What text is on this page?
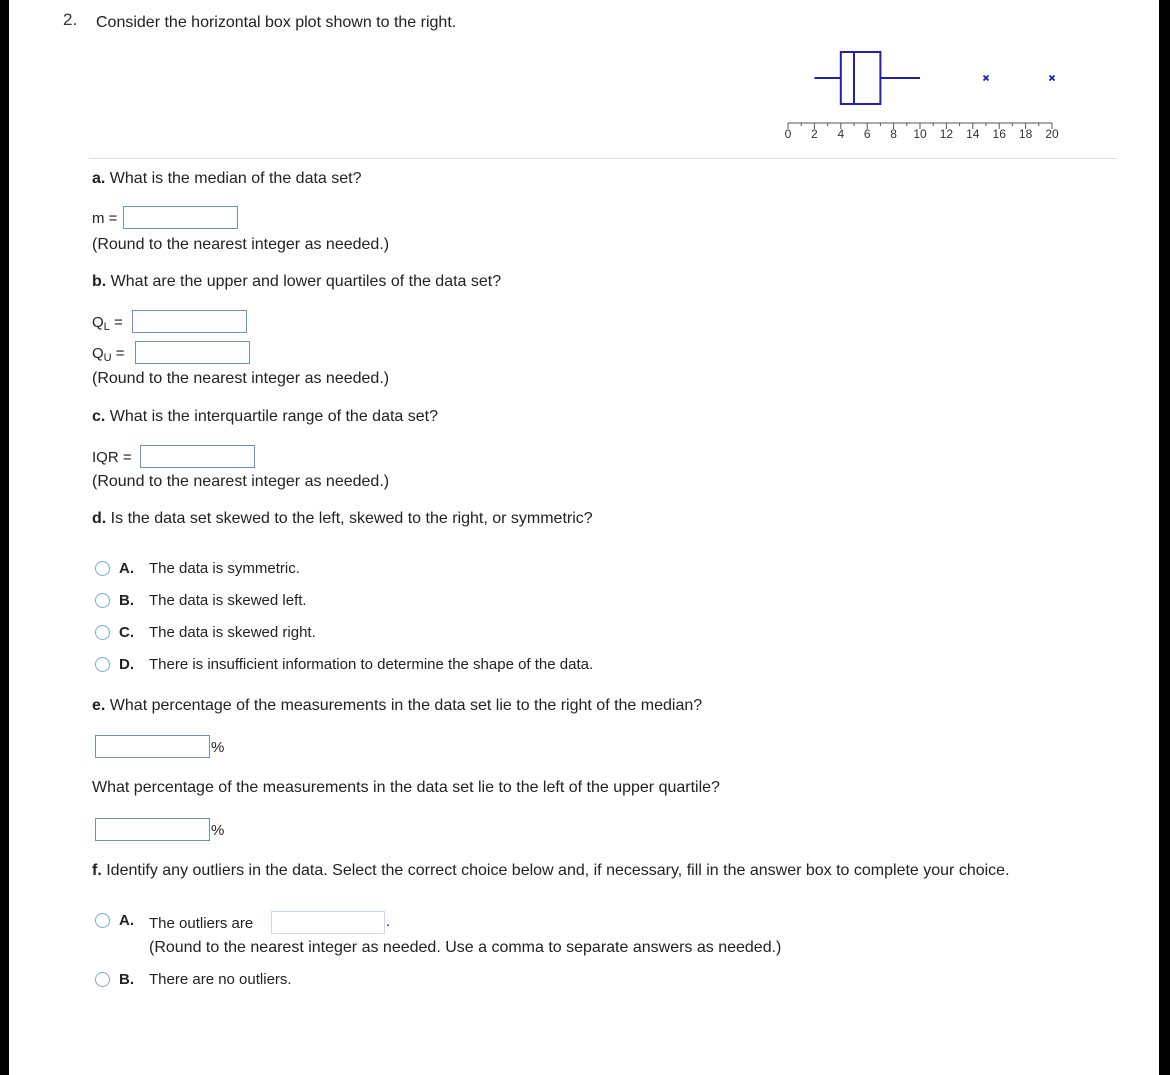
2. Consider the horizontal box plot shown to the right.
0 2 4 6 8 10 12 14 16 18 20
a. What is the median of the data set?
m =
(Round to the nearest integer as needed.)
b. What are the upper and lower quartiles of the data set?
$Q_L$ =
$Q_U$ =
(Round to the nearest integer as needed.)
c. What is the interquartile range of the data set?
IQR =
(Round to the nearest integer as needed.)
d. Is the data set skewed to the left, skewed to the right, or symmetric?
A. The data is symmetric.
B. The data is skewed left.
C. The data is skewed right.
D. There is insufficient information to determine the shape of the data.
e. What percentage of the measurements in the data set lie to the right of the median?
%
What percentage of the measurements in the data set lie to the left of the upper quartile?
%
f. Identify any outliers in the data. Select the correct choice below and, if necessary, fill in the answer box to complete your choice.
A. The outliers are	.
(Round to the nearest integer as needed. Use a comma to separate answers as needed.)
B. There are no outliers.
